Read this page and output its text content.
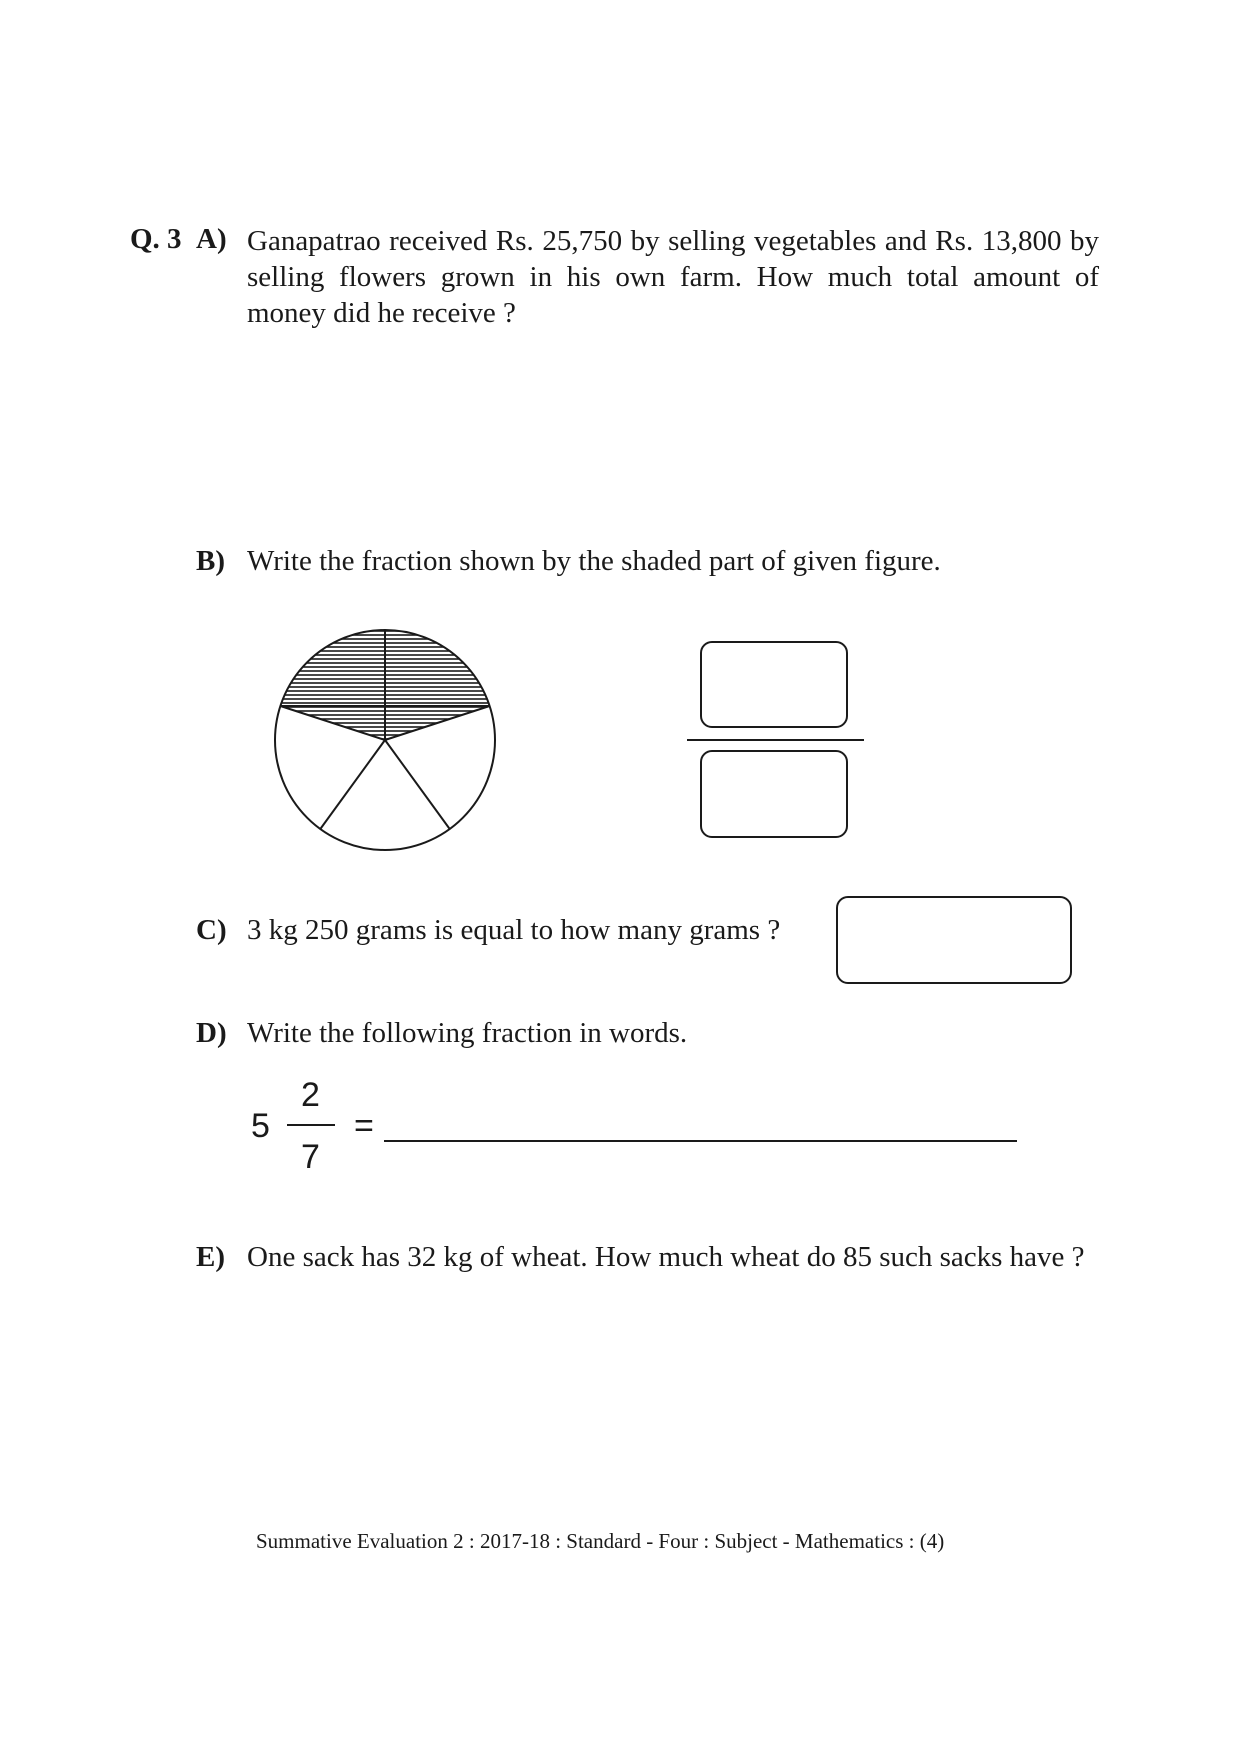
Q. 3 A) Ganapatrao received Rs. 25,750 by selling vegetables and Rs. 13,800 by selling flowers grown in his own farm. How much total amount of money did he receive ?
B) Write the fraction shown by the shaded part of given figure.
C) 3 kg 250 grams is equal to how many grams ?
D) Write the following fraction in words.
5
2
7
=
E) One sack has 32 kg of wheat. How much wheat do 85 such sacks have ?
Summative Evaluation 2 : 2017-18 : Standard - Four : Subject - Mathematics : (4)
